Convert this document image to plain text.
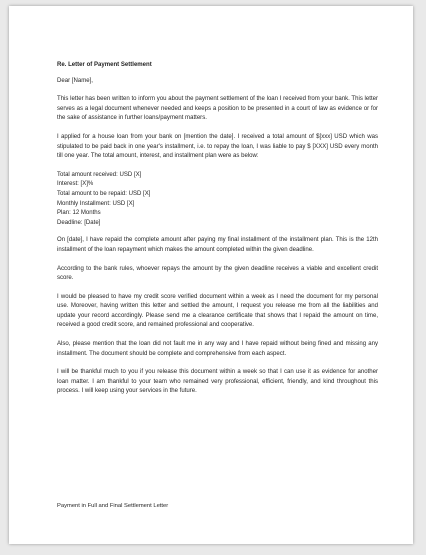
Re. Letter of Payment Settlement
Dear [Name],
This letter has been written to inform you about the payment settlement of the loan I received from your bank. This letter serves as a legal document whenever needed and keeps a position to be presented in a court of law as evidence or for the sake of assistance in further loans/payment matters.
I applied for a house loan from your bank on [mention the date]. I received a total amount of $[xxx] USD which was stipulated to be paid back in one year's installment, i.e. to repay the loan, I was liable to pay $ [XXX] USD every month till one year. The total amount, interest, and installment plan were as below:
Total amount received: USD [X]
Interest: [X]%
Total amount to be repaid: USD [X]
Monthly Installment: USD [X]
Plan: 12 Months
Deadline: [Date]
On [date], I have repaid the complete amount after paying my final installment of the installment plan. This is the 12th installment of the loan repayment which makes the amount completed within the given deadline.
According to the bank rules, whoever repays the amount by the given deadline receives a viable and excellent credit score.
I would be pleased to have my credit score verified document within a week as I need the document for my personal use. Moreover, having written this letter and settled the amount, I request you release me from all the liabilities and update your record accordingly. Please send me a clearance certificate that shows that I repaid the amount on time, received a good credit score, and remained professional and cooperative.
Also, please mention that the loan did not fault me in any way and I have repaid without being fined and missing any installment. The document should be complete and comprehensive from each aspect.
I will be thankful much to you if you release this document within a week so that I can use it as evidence for another loan matter. I am thankful to your team who remained very professional, efficient, friendly, and kind throughout this process. I will keep using your services in the future.
Payment in Full and Final Settlement Letter
